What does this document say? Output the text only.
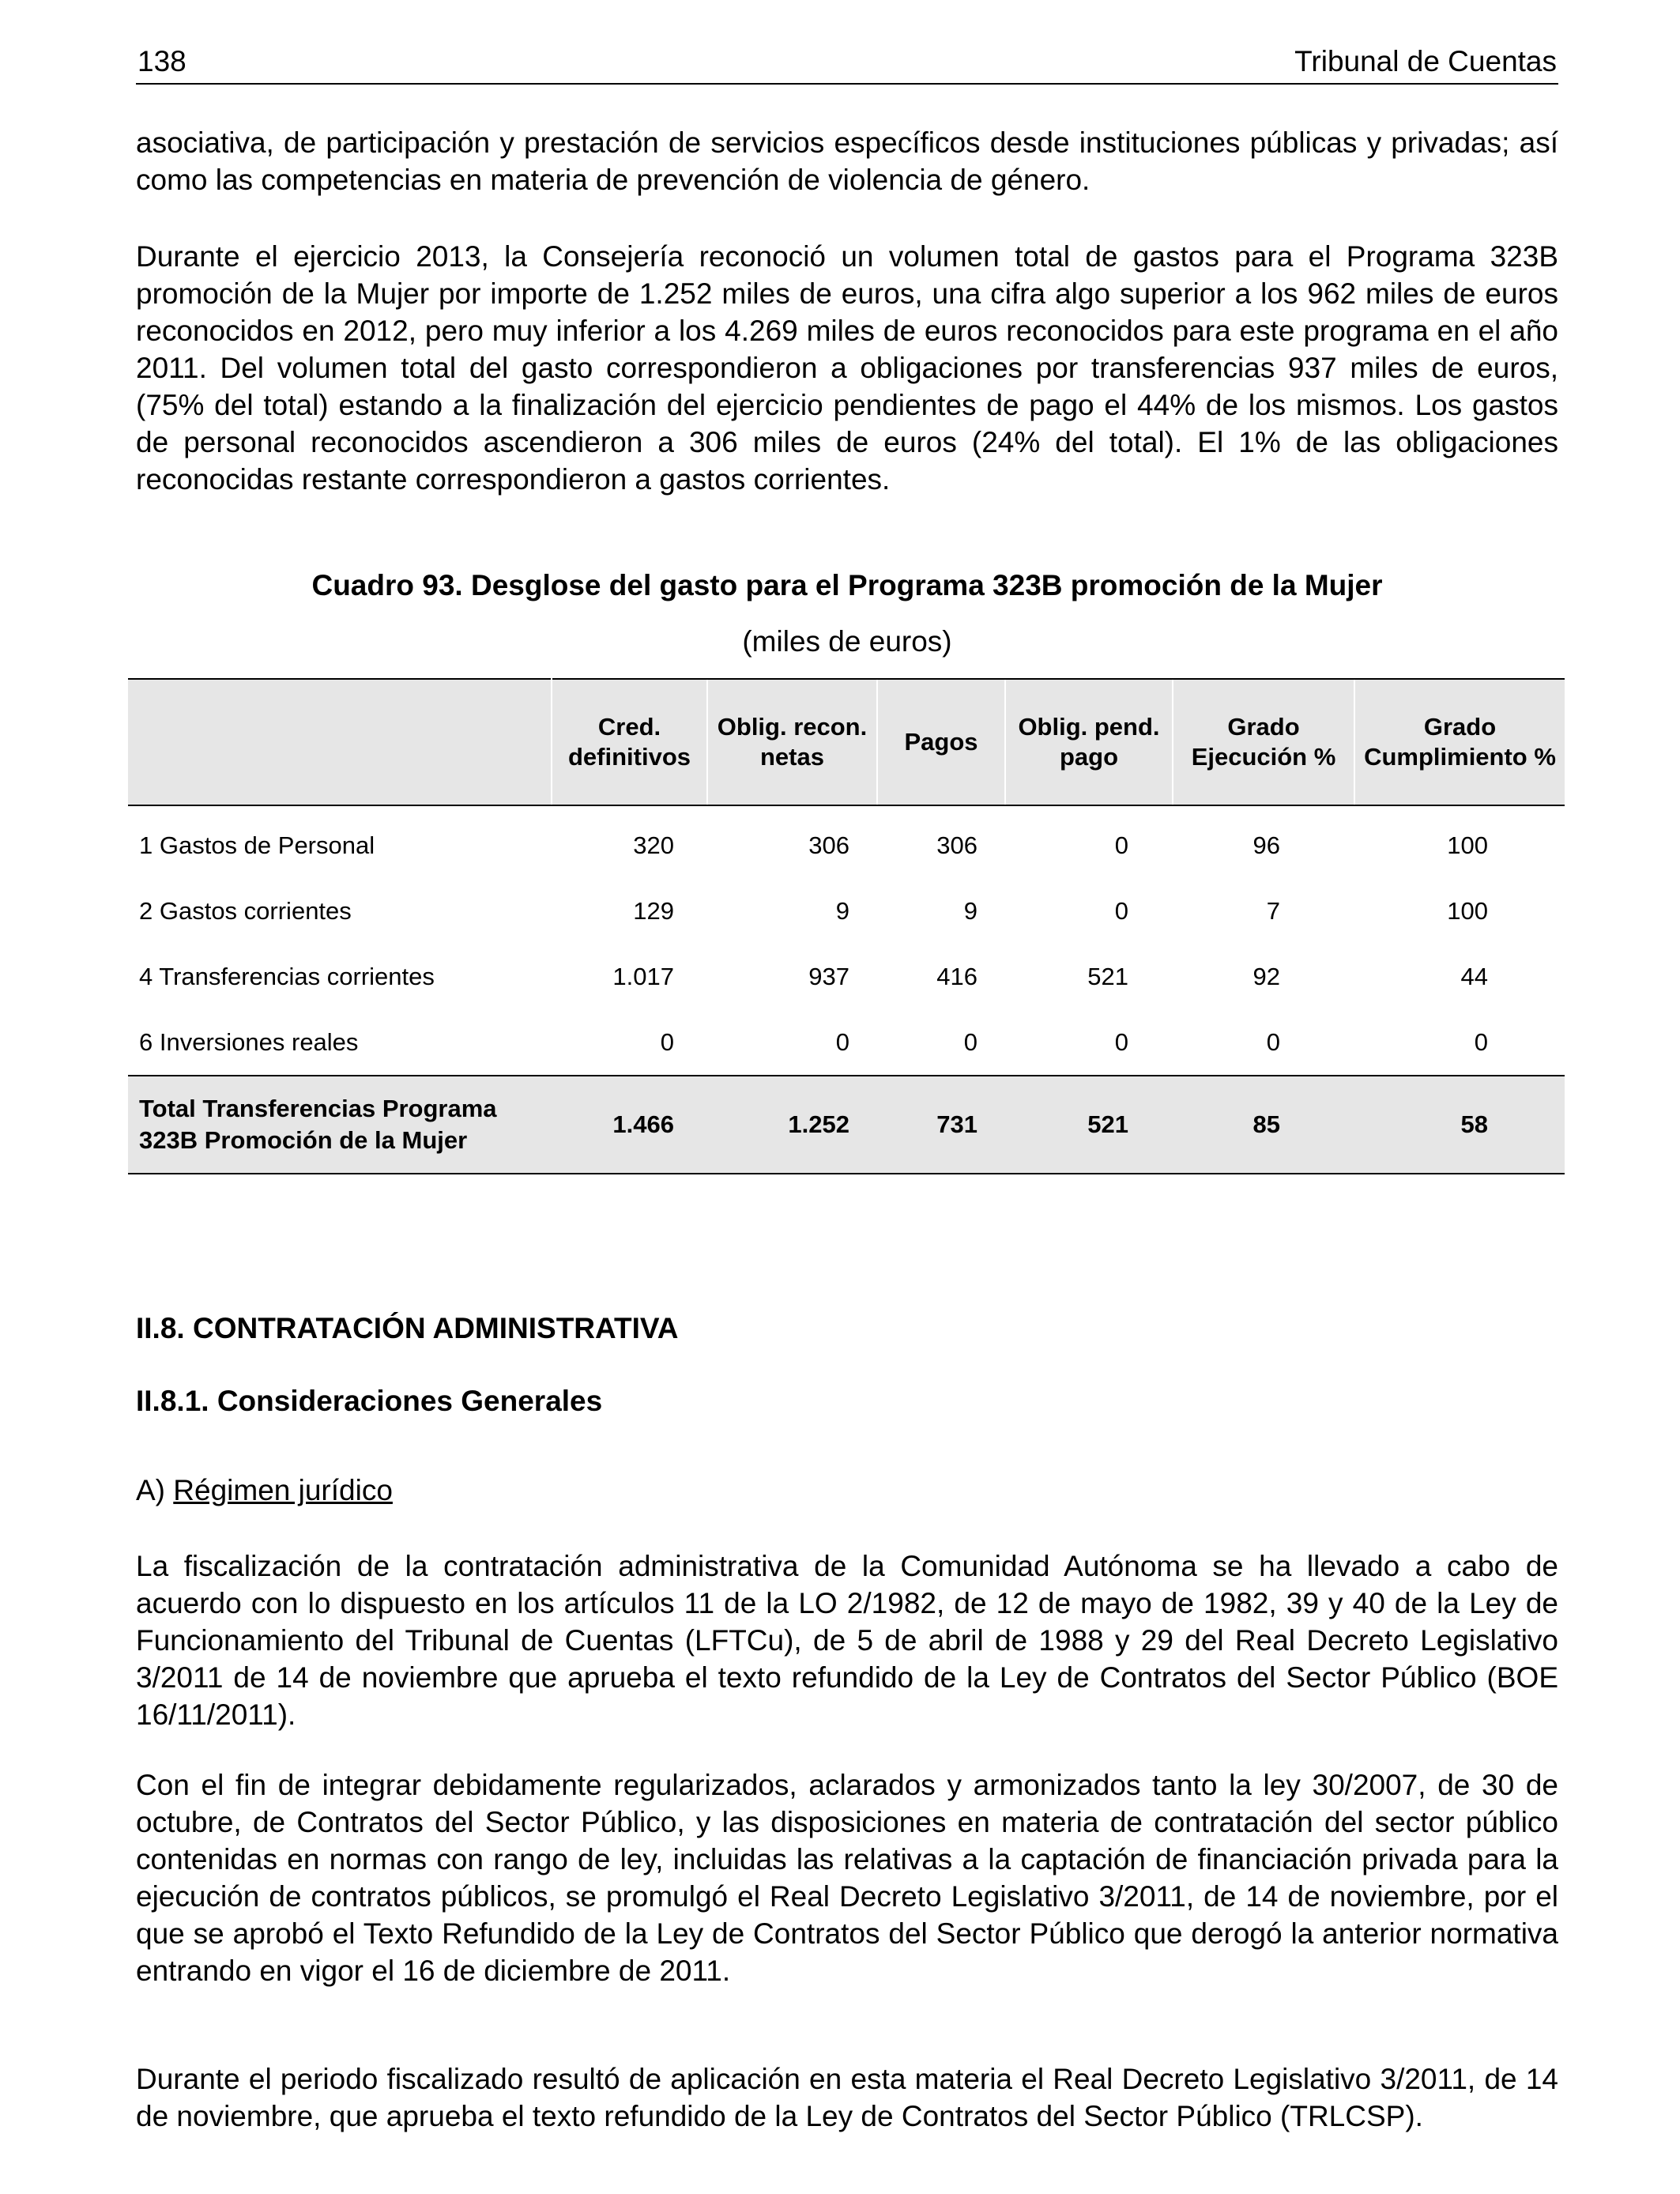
138	Tribunal de Cuentas

asociativa, de participación y prestación de servicios específicos desde instituciones públicas y privadas; así como las competencias en materia de prevención de violencia de género.

Durante el ejercicio 2013, la Consejería reconoció un volumen total de gastos para el Programa 323B promoción de la Mujer por importe de 1.252 miles de euros, una cifra algo superior a los 962 miles de euros reconocidos en 2012, pero muy inferior a los 4.269 miles de euros reconocidos para este programa en el año 2011. Del volumen total del gasto correspondieron a obligaciones por transferencias 937 miles de euros, (75% del total) estando a la finalización del ejercicio pendientes de pago el 44% de los mismos. Los gastos de personal reconocidos ascendieron a 306 miles de euros (24% del total). El 1% de las obligaciones reconocidas restante correspondieron a gastos corrientes.

Cuadro 93. Desglose del gasto para el Programa 323B promoción de la Mujer

(miles de euros)

	Cred. definitivos	Oblig. recon. netas	Pagos	Oblig. pend. pago	Grado Ejecución %	Grado Cumplimiento %
1 Gastos de Personal	320	306	306	0	96	100
2 Gastos corrientes	129	9	9	0	7	100
4 Transferencias corrientes	1.017	937	416	521	92	44
6 Inversiones reales	0	0	0	0	0	0
Total Transferencias Programa
323B Promoción de la Mujer	1.466	1.252	731	521	85	58

II.8. CONTRATACIÓN ADMINISTRATIVA

II.8.1. Consideraciones Generales

A) Régimen jurídico

La fiscalización de la contratación administrativa de la Comunidad Autónoma se ha llevado a cabo de acuerdo con lo dispuesto en los artículos 11 de la LO 2/1982, de 12 de mayo de 1982, 39 y 40 de la Ley de Funcionamiento del Tribunal de Cuentas (LFTCu), de 5 de abril de 1988 y 29 del Real Decreto Legislativo 3/2011 de 14 de noviembre que aprueba el texto refundido de la Ley de Contratos del Sector Público (BOE 16/11/2011).

Con el fin de integrar debidamente regularizados, aclarados y armonizados tanto la ley 30/2007, de 30 de octubre, de Contratos del Sector Público, y las disposiciones en materia de contratación del sector público contenidas en normas con rango de ley, incluidas las relativas a la captación de financiación privada para la ejecución de contratos públicos, se promulgó el Real Decreto Legislativo 3/2011, de 14 de noviembre, por el que se aprobó el Texto Refundido de la Ley de Contratos del Sector Público que derogó la anterior normativa entrando en vigor el 16 de diciembre de 2011.

Durante el periodo fiscalizado resultó de aplicación en esta materia el Real Decreto Legislativo 3/2011, de 14 de noviembre, que aprueba el texto refundido de la Ley de Contratos del Sector Público (TRLCSP).
